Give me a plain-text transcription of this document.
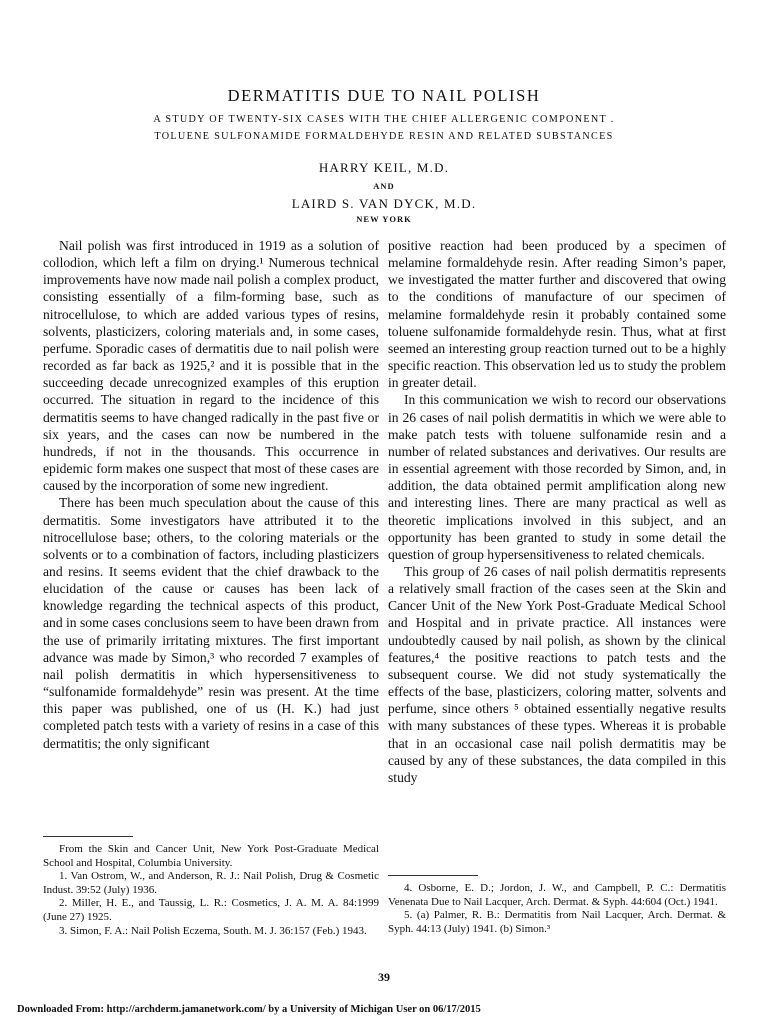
DERMATITIS DUE TO NAIL POLISH
A STUDY OF TWENTY-SIX CASES WITH THE CHIEF ALLERGENIC COMPONENT .
TOLUENE SULFONAMIDE FORMALDEHYDE RESIN AND RELATED SUBSTANCES
HARRY KEIL, M.D.
AND
LAIRD S. VAN DYCK, M.D.
NEW YORK

Nail polish was first introduced in 1919 as a solution of collodion, which left a film on drying.¹ Numerous technical improvements have now made nail polish a complex product, consisting essentially of a film-forming base, such as nitrocellulose, to which are added various types of resins, solvents, plasticizers, coloring materials and, in some cases, perfume. Sporadic cases of dermatitis due to nail polish were recorded as far back as 1925,² and it is possible that in the succeeding decade unrecognized examples of this eruption occurred. The situation in regard to the incidence of this dermatitis seems to have changed radically in the past five or six years, and the cases can now be numbered in the hundreds, if not in the thousands. This occurrence in epidemic form makes one suspect that most of these cases are caused by the incorporation of some new ingredient.

There has been much speculation about the cause of this dermatitis. Some investigators have attributed it to the nitrocellulose base; others, to the coloring materials or the solvents or to a combination of factors, including plasticizers and resins. It seems evident that the chief drawback to the elucidation of the cause or causes has been lack of knowledge regarding the technical aspects of this product, and in some cases conclusions seem to have been drawn from the use of primarily irritating mixtures. The first important advance was made by Simon,³ who recorded 7 examples of nail polish dermatitis in which hypersensitiveness to “sulfonamide formaldehyde” resin was present. At the time this paper was published, one of us (H. K.) had just completed patch tests with a variety of resins in a case of this dermatitis; the only significant

positive reaction had been produced by a specimen of melamine formaldehyde resin. After reading Simon’s paper, we investigated the matter further and discovered that owing to the conditions of manufacture of our specimen of melamine formaldehyde resin it probably contained some toluene sulfonamide formaldehyde resin. Thus, what at first seemed an interesting group reaction turned out to be a highly specific reaction. This observation led us to study the problem in greater detail.

In this communication we wish to record our observations in 26 cases of nail polish dermatitis in which we were able to make patch tests with toluene sulfonamide resin and a number of related substances and derivatives. Our results are in essential agreement with those recorded by Simon, and, in addition, the data obtained permit amplification along new and interesting lines. There are many practical as well as theoretic implications involved in this subject, and an opportunity has been granted to study in some detail the question of group hypersensitiveness to related chemicals.

This group of 26 cases of nail polish dermatitis represents a relatively small fraction of the cases seen at the Skin and Cancer Unit of the New York Post-Graduate Medical School and Hospital and in private practice. All instances were undoubtedly caused by nail polish, as shown by the clinical features,⁴ the positive reactions to patch tests and the subsequent course. We did not study systematically the effects of the base, plasticizers, coloring matter, solvents and perfume, since others ⁵ obtained essentially negative results with many substances of these types. Whereas it is probable that in an occasional case nail polish dermatitis may be caused by any of these substances, the data compiled in this study

From the Skin and Cancer Unit, New York Post-Graduate Medical School and Hospital, Columbia University.

1. Van Ostrom, W., and Anderson, R. J.: Nail Polish, Drug & Cosmetic Indust. 39:52 (July) 1936.

2. Miller, H. E., and Taussig, L. R.: Cosmetics, J. A. M. A. 84:1999 (June 27) 1925.

3. Simon, F. A.: Nail Polish Eczema, South. M. J. 36:157 (Feb.) 1943.

4. Osborne, E. D.; Jordon, J. W., and Campbell, P. C.: Dermatitis Venenata Due to Nail Lacquer, Arch. Dermat. & Syph. 44:604 (Oct.) 1941.

5. (a) Palmer, R. B.: Dermatitis from Nail Lacquer, Arch. Dermat. & Syph. 44:13 (July) 1941. (b) Simon.³

39
Downloaded From: http://archderm.jamanetwork.com/ by a University of Michigan User on 06/17/2015
